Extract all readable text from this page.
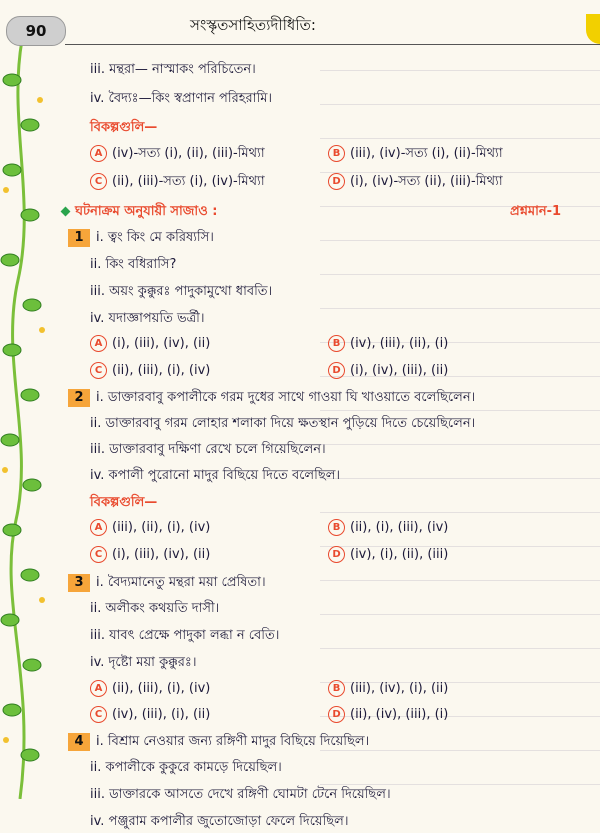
90	সংস্কৃতসাহিত্যদীধিতি:
iii. মন্থরা— নাস্মাকং পরিচিতেন।
iv. বৈদ্যঃ—কিং স্বপ্রাণান পরিহরামি।
বিকল্পগুলি—
A (iv)-সত্য (i), (ii), (iii)-মিথ্যা	B (iii), (iv)-সত্য (i), (ii)-মিথ্যা
C (ii), (iii)-সত্য (i), (iv)-মিথ্যা	D (i), (iv)-সত্য (ii), (iii)-মিথ্যা
ঘটনাক্রম অনুযায়ী সাজাও :	প্রশ্নমান-1
1 i. ত্বং কিং মে করিষ্যসি।
ii. কিং বধিরাসি?
iii. অয়ং কুক্কুরঃ পাদুকামুখো ধাবতি।
iv. যদাজ্ঞাপয়তি ভর্ত্রী।
A (i), (iii), (iv), (ii)	B (iv), (iii), (ii), (i)
C (ii), (iii), (i), (iv)	D (i), (iv), (iii), (ii)
2 i. ডাক্তারবাবু কপালীকে গরম দুধের সাথে গাওয়া ঘি খাওয়াতে বলেছিলেন।
ii. ডাক্তারবাবু গরম লোহার শলাকা দিয়ে ক্ষতস্থান পুড়িয়ে দিতে চেয়েছিলেন।
iii. ডাক্তারবাবু দক্ষিণা রেখে চলে গিয়েছিলেন।
iv. কপালী পুরোনো মাদুর বিছিয়ে দিতে বলেছিল।
বিকল্পগুলি—
A (iii), (ii), (i), (iv)	B (ii), (i), (iii), (iv)
C (i), (iii), (iv), (ii)	D (iv), (i), (ii), (iii)
3 i. বৈদ্যমানেতু মন্থরা ময়া প্রেষিতা।
ii. অলীকং কথয়তি দাসী।
iii. যাবৎ প্রেক্ষে পাদুকা লব্ধা ন বেতি।
iv. দৃষ্টো ময়া কুক্কুরঃ।
A (ii), (iii), (i), (iv)	B (iii), (iv), (i), (ii)
C (iv), (iii), (i), (ii)	D (ii), (iv), (iii), (i)
4 i. বিশ্রাম নেওয়ার জন্য রঙ্গিণী মাদুর বিছিয়ে দিয়েছিল।
ii. কপালীকে কুকুরে কামড়ে দিয়েছিল।
iii. ডাক্তারকে আসতে দেখে রঙ্গিণী ঘোমটা টেনে দিয়েছিল।
iv. পঞ্জুরাম কপালীর জুতোজোড়া ফেলে দিয়েছিল।
